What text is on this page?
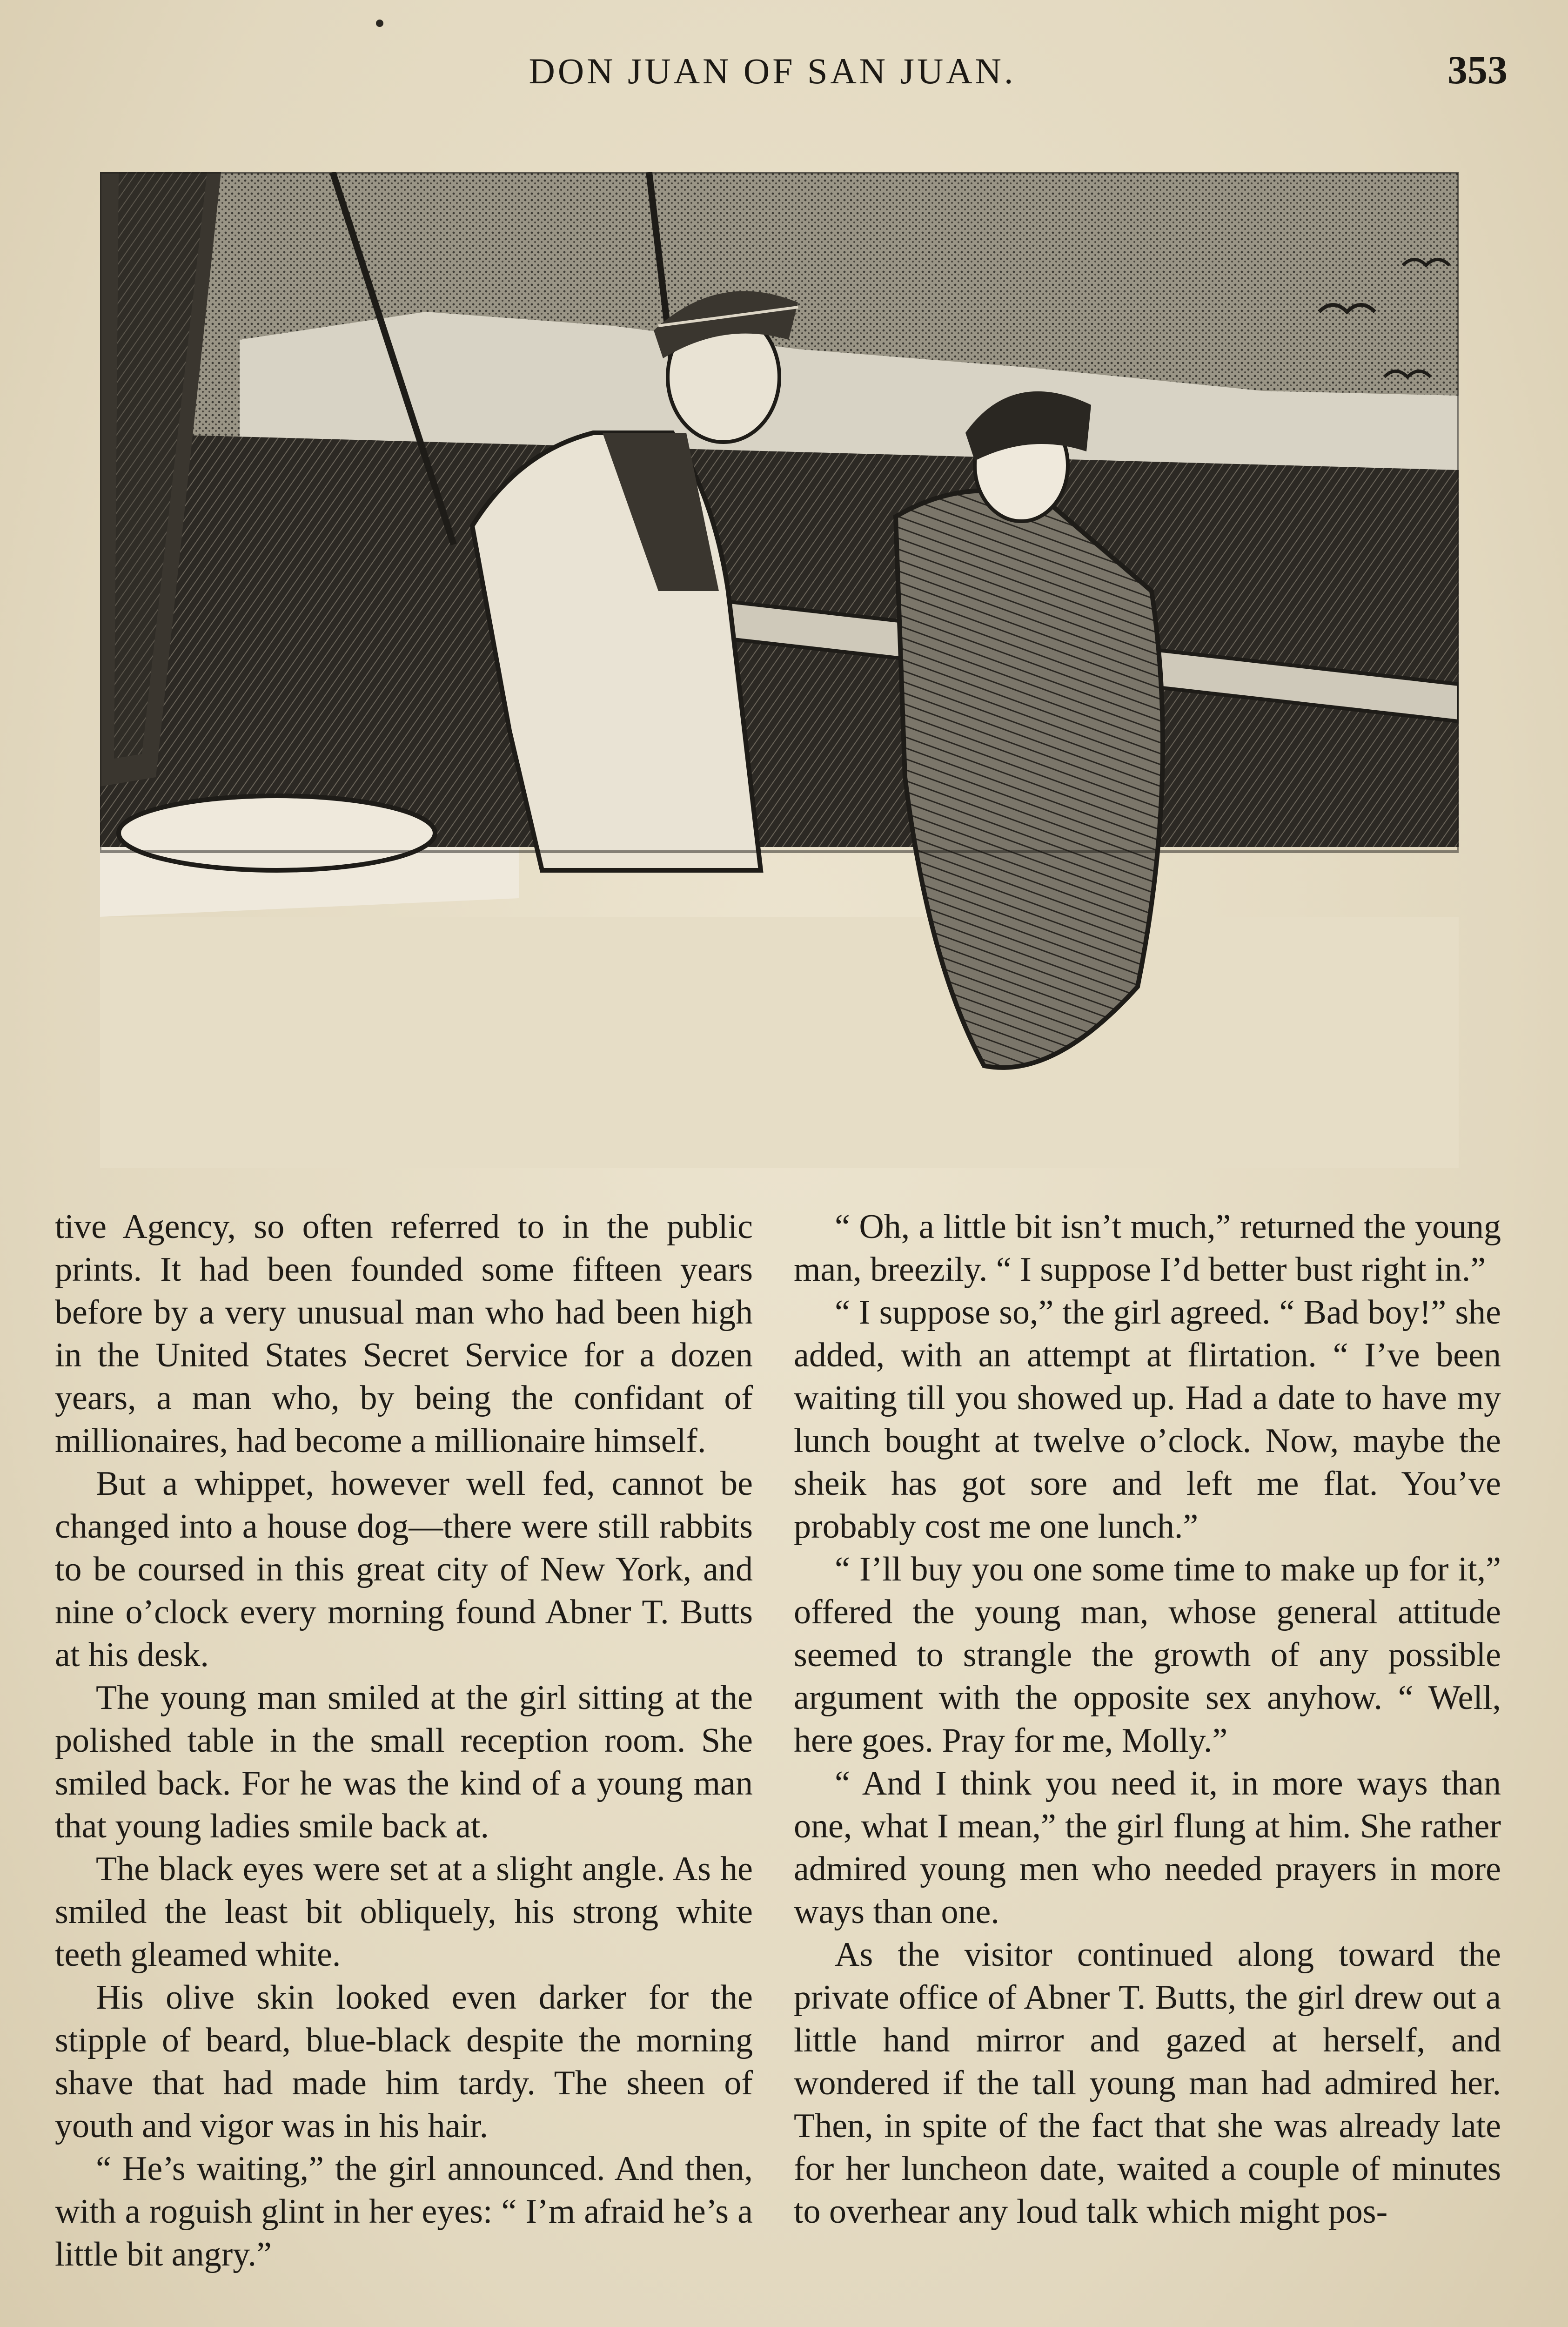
DON JUAN OF SAN JUAN.	353

tive Agency, so often referred to in the public prints. It had been founded some fifteen years before by a very unusual man who had been high in the United States Secret Service for a dozen years, a man who, by being the confidant of millionaires, had become a millionaire himself.

But a whippet, however well fed, cannot be changed into a house dog—there were still rabbits to be coursed in this great city of New York, and nine o’clock every morning found Abner T. Butts at his desk.

The young man smiled at the girl sitting at the polished table in the small reception room. She smiled back. For he was the kind of a young man that young ladies smile back at.

The black eyes were set at a slight angle. As he smiled the least bit obliquely, his strong white teeth gleamed white.

His olive skin looked even darker for the stipple of beard, blue-black despite the morning shave that had made him tardy. The sheen of youth and vigor was in his hair.

“ He’s waiting,” the girl announced. And then, with a roguish glint in her eyes: “ I’m afraid he’s a little bit angry.”

“ Oh, a little bit isn’t much,” returned the young man, breezily. “ I suppose I’d better bust right in.”

“ I suppose so,” the girl agreed. “ Bad boy!” she added, with an attempt at flirtation. “ I’ve been waiting till you showed up. Had a date to have my lunch bought at twelve o’clock. Now, maybe the sheik has got sore and left me flat. You’ve probably cost me one lunch.”

“ I’ll buy you one some time to make up for it,” offered the young man, whose general attitude seemed to strangle the growth of any possible argument with the opposite sex anyhow. “ Well, here goes. Pray for me, Molly.”

“ And I think you need it, in more ways than one, what I mean,” the girl flung at him. She rather admired young men who needed prayers in more ways than one.

As the visitor continued along toward the private office of Abner T. Butts, the girl drew out a little hand mirror and gazed at herself, and wondered if the tall young man had admired her. Then, in spite of the fact that she was already late for her luncheon date, waited a couple of minutes to overhear any loud talk which might pos-
